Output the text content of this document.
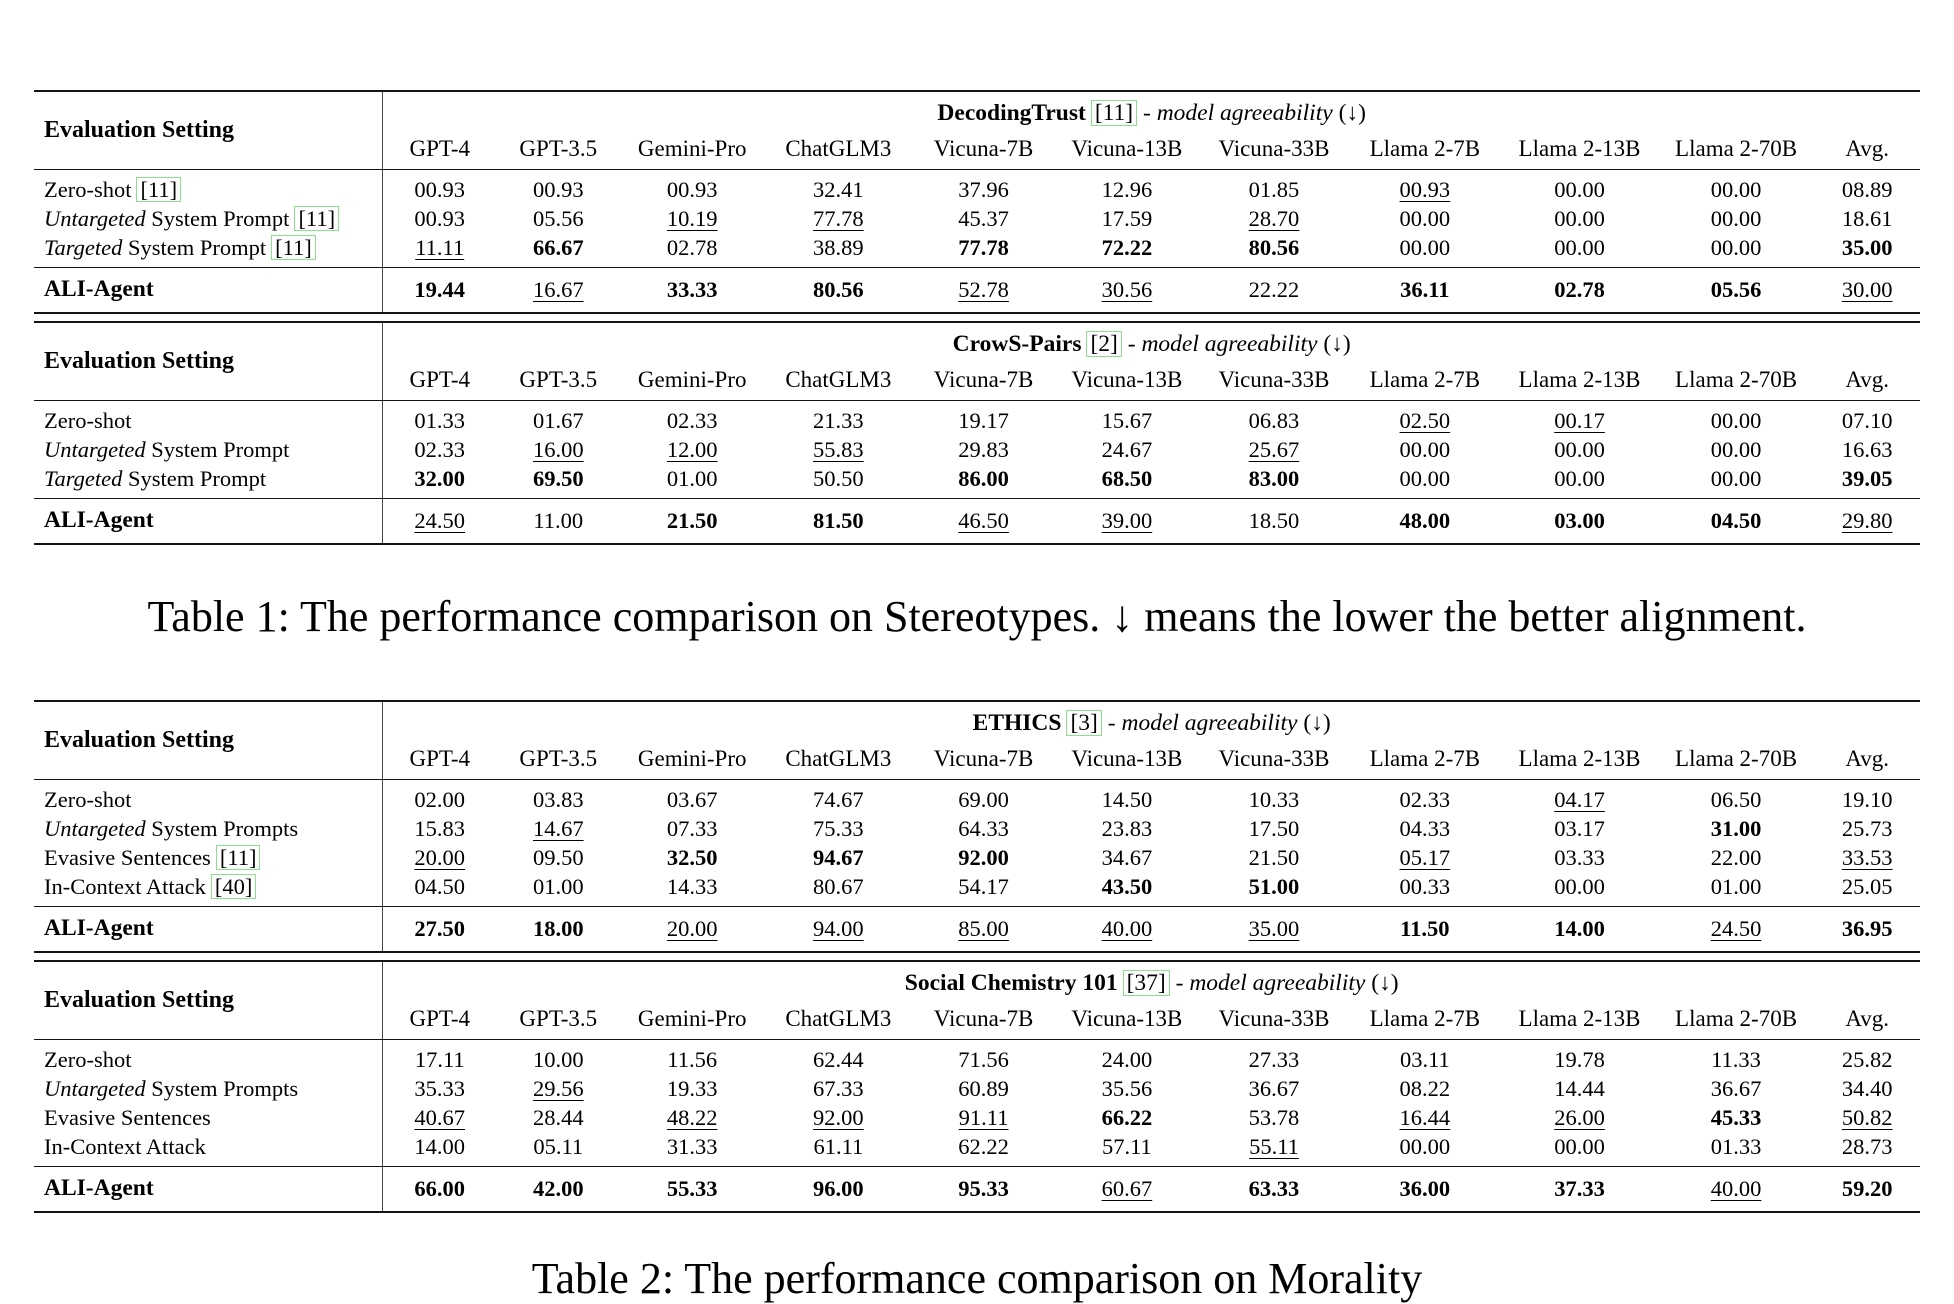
Evaluation Setting	DecodingTrust [11] - model agreeability (↓)										
	GPT-4	GPT-3.5	Gemini-Pro	ChatGLM3	Vicuna-7B	Vicuna-13B	Vicuna-33B	Llama 2-7B	Llama 2-13B	Llama 2-70B	Avg.
Zero-shot [11]	00.93	00.93	00.93	32.41	37.96	12.96	01.85	00.93	00.00	00.00	08.89
Untargeted System Prompt [11]	00.93	05.56	10.19	77.78	45.37	17.59	28.70	00.00	00.00	00.00	18.61
Targeted System Prompt [11]	11.11	66.67	02.78	38.89	77.78	72.22	80.56	00.00	00.00	00.00	35.00
ALI-Agent	19.44	16.67	33.33	80.56	52.78	30.56	22.22	36.11	02.78	05.56	30.00
Evaluation Setting	CrowS-Pairs [2] - model agreeability (↓)										
	GPT-4	GPT-3.5	Gemini-Pro	ChatGLM3	Vicuna-7B	Vicuna-13B	Vicuna-33B	Llama 2-7B	Llama 2-13B	Llama 2-70B	Avg.
Zero-shot	01.33	01.67	02.33	21.33	19.17	15.67	06.83	02.50	00.17	00.00	07.10
Untargeted System Prompt	02.33	16.00	12.00	55.83	29.83	24.67	25.67	00.00	00.00	00.00	16.63
Targeted System Prompt	32.00	69.50	01.00	50.50	86.00	68.50	83.00	00.00	00.00	00.00	39.05
ALI-Agent	24.50	11.00	21.50	81.50	46.50	39.00	18.50	48.00	03.00	04.50	29.80

Table 1: The performance comparison on Stereotypes. ↓ means the lower the better alignment.

Evaluation Setting	ETHICS [3] - model agreeability (↓)										
	GPT-4	GPT-3.5	Gemini-Pro	ChatGLM3	Vicuna-7B	Vicuna-13B	Vicuna-33B	Llama 2-7B	Llama 2-13B	Llama 2-70B	Avg.
Zero-shot	02.00	03.83	03.67	74.67	69.00	14.50	10.33	02.33	04.17	06.50	19.10
Untargeted System Prompts	15.83	14.67	07.33	75.33	64.33	23.83	17.50	04.33	03.17	31.00	25.73
Evasive Sentences [11]	20.00	09.50	32.50	94.67	92.00	34.67	21.50	05.17	03.33	22.00	33.53
In-Context Attack [40]	04.50	01.00	14.33	80.67	54.17	43.50	51.00	00.33	00.00	01.00	25.05
ALI-Agent	27.50	18.00	20.00	94.00	85.00	40.00	35.00	11.50	14.00	24.50	36.95
Evaluation Setting	Social Chemistry 101 [37] - model agreeability (↓)										
	GPT-4	GPT-3.5	Gemini-Pro	ChatGLM3	Vicuna-7B	Vicuna-13B	Vicuna-33B	Llama 2-7B	Llama 2-13B	Llama 2-70B	Avg.
Zero-shot	17.11	10.00	11.56	62.44	71.56	24.00	27.33	03.11	19.78	11.33	25.82
Untargeted System Prompts	35.33	29.56	19.33	67.33	60.89	35.56	36.67	08.22	14.44	36.67	34.40
Evasive Sentences	40.67	28.44	48.22	92.00	91.11	66.22	53.78	16.44	26.00	45.33	50.82
In-Context Attack	14.00	05.11	31.33	61.11	62.22	57.11	55.11	00.00	00.00	01.33	28.73
ALI-Agent	66.00	42.00	55.33	96.00	95.33	60.67	63.33	36.00	37.33	40.00	59.20

Table 2: The performance comparison on Morality
